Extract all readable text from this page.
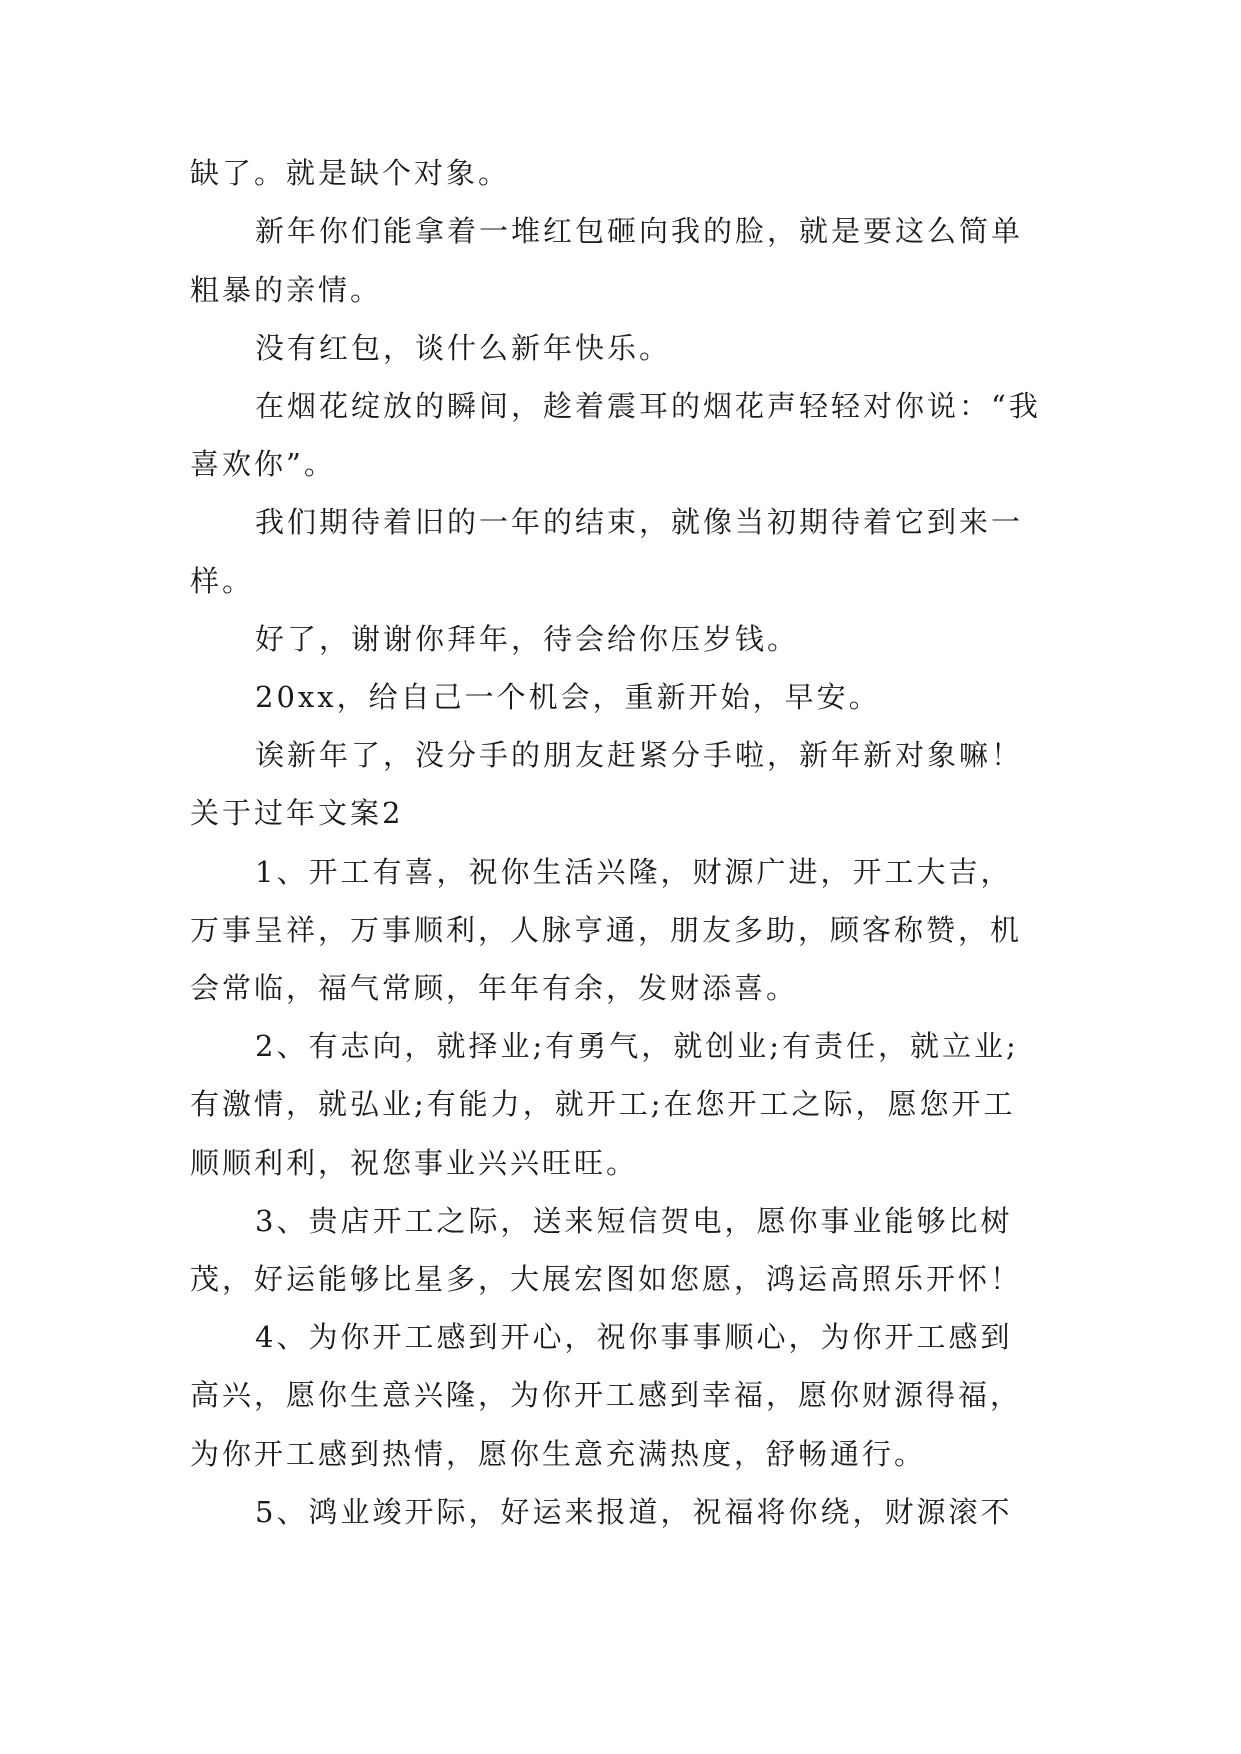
缺了。就是缺个对象。
新年你们能拿着一堆红包砸向我的脸，就是要这么简单
粗暴的亲情。
没有红包，谈什么新年快乐。
在烟花绽放的瞬间，趁着震耳的烟花声轻轻对你说：“我
喜欢你”。
我们期待着旧的一年的结束，就像当初期待着它到来一
样。
好了，谢谢你拜年，待会给你压岁钱。
20xx，给自己一个机会，重新开始，早安。
诶新年了，没分手的朋友赶紧分手啦，新年新对象嘛！
关于过年文案2
1、开工有喜，祝你生活兴隆，财源广进，开工大吉，
万事呈祥，万事顺利，人脉亨通，朋友多助，顾客称赞，机
会常临，福气常顾，年年有余，发财添喜。
2、有志向，就择业;有勇气，就创业;有责任，就立业;
有激情，就弘业;有能力，就开工;在您开工之际，愿您开工
顺顺利利，祝您事业兴兴旺旺。
3、贵店开工之际，送来短信贺电，愿你事业能够比树
茂，好运能够比星多，大展宏图如您愿，鸿运高照乐开怀！
4、为你开工感到开心，祝你事事顺心，为你开工感到
高兴，愿你生意兴隆，为你开工感到幸福，愿你财源得福，
为你开工感到热情，愿你生意充满热度，舒畅通行。
5、鸿业竣开际，好运来报道，祝福将你绕，财源滚不
